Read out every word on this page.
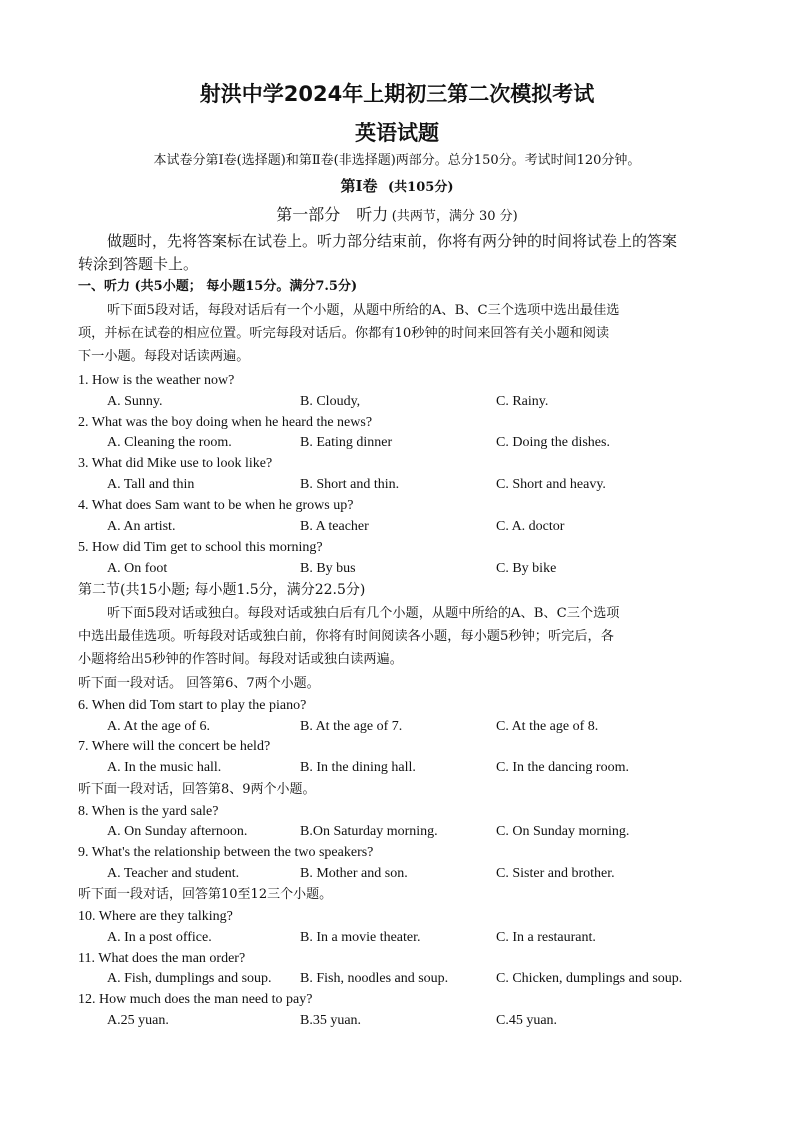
射洪中学2024年上期初三第二次模拟考试
英语试题
本试卷分第Ⅰ卷(选择题)和第Ⅱ卷(非选择题)两部分。总分150分。考试时间120分钟。
第Ⅰ卷 (共105分)
第一部分　听力 (共两节，满分 30 分)
做题时，先将答案标在试卷上。听力部分结束前，你将有两分钟的时间将试卷上的答案
转涂到答题卡上。
一、听力 (共5小题； 每小题15分。满分7.5分)
听下面5段对话，每段对话后有一个小题，从题中所给的A、B、C三个选项中选出最佳选
项，并标在试卷的相应位置。听完每段对话后。你都有10秒钟的时间来回答有关小题和阅读
下一小题。每段对话读两遍。
1. How is the weather now?
A. Sunny.	B. Cloudy,	C. Rainy.
2. What was the boy doing when he heard the news?
A. Cleaning the room.	B. Eating dinner	C. Doing the dishes.
3. What did Mike use to look like?
A. Tall and thin	B. Short and thin.	C. Short and heavy.
4. What does Sam want to be when he grows up?
A. An artist.	B. A teacher	C. A. doctor
5. How did Tim get to school this morning?
A. On foot	B. By bus	C. By bike
第二节(共15小题; 每小题1.5分，满分22.5分)
听下面5段对话或独白。每段对话或独白后有几个小题，从题中所给的A、B、C三个选项
中选出最佳选项。听每段对话或独白前，你将有时间阅读各小题，每小题5秒钟；听完后，各
小题将给出5秒钟的作答时间。每段对话或独白读两遍。
听下面一段对话。 回答第6、7两个小题。
6. When did Tom start to play the piano?
A. At the age of 6.	B. At the age of 7.	C. At the age of 8.
7. Where will the concert be held?
A. In the music hall.	B. In the dining hall.	C. In the dancing room.
听下面一段对话，回答第8、9两个小题。
8. When is the yard sale?
A. On Sunday afternoon.	B.On Saturday morning.	C. On Sunday morning.
9. What's the relationship between the two speakers?
A. Teacher and student.	B. Mother and son.	C. Sister and brother.
听下面一段对话，回答第10至12三个小题。
10. Where are they talking?
A. In a post office.	B. In a movie theater.	C. In a restaurant.
11. What does the man order?
A. Fish, dumplings and soup. B. Fish, noodles and soup.	C. Chicken, dumplings and soup.
12. How much does the man need to pay?
A.25 yuan.	B.35 yuan.	C.45 yuan.
